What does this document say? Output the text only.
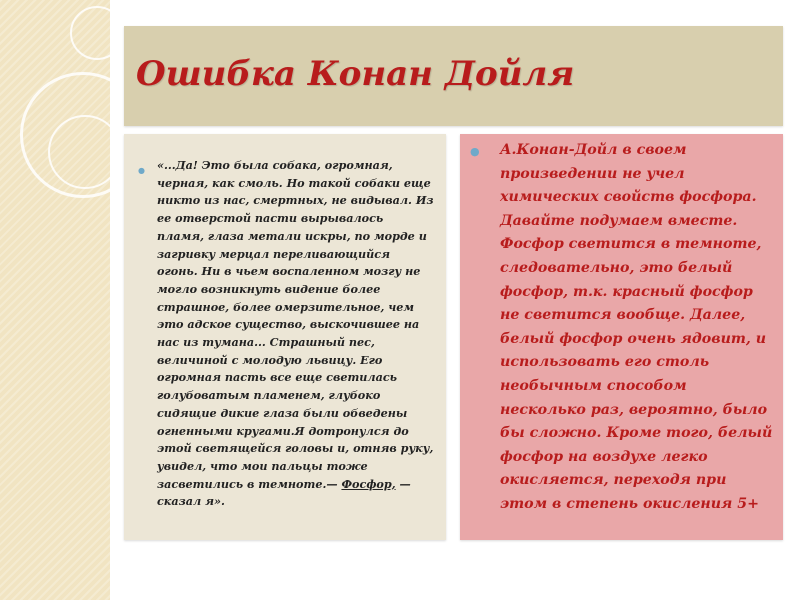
Ошибка Конан Дойля
●	«...Да! Это была собака, огромная, черная, как смоль. Но такой собаки еще никто из нас, смертных, не видывал. Из ее отверстой пасти вырывалось пламя, глаза метали искры, по морде и загривку мерцал переливающийся огонь. Ни в чьем воспаленном мозгу не могло возникнуть видение более страшное, более омерзительное, чем это адское существо, выскочившее на нас из тумана... Страшный пес, величиной с молодую львицу. Его огромная пасть все еще светилась голубоватым пламенем, глубоко сидящие дикие глаза были обведены огненными кругами.Я дотронулся до этой светящейся головы и, отняв руку, увидел, что мои пальцы тоже засветились в темноте.— Фосфор, — сказал я».

●	А.Конан-Дойл в своем произведении не учел химических свойств фосфора. Давайте подумаем вместе. Фосфор светится в темноте, следовательно, это белый фосфор, т.к. красный фосфор не светится вообще. Далее, белый фосфор очень ядовит, и использовать его столь необычным способом несколько раз, вероятно, было бы сложно. Кроме того, белый фосфор на воздухе легко окисляется, переходя при этом в степень окисления 5+
